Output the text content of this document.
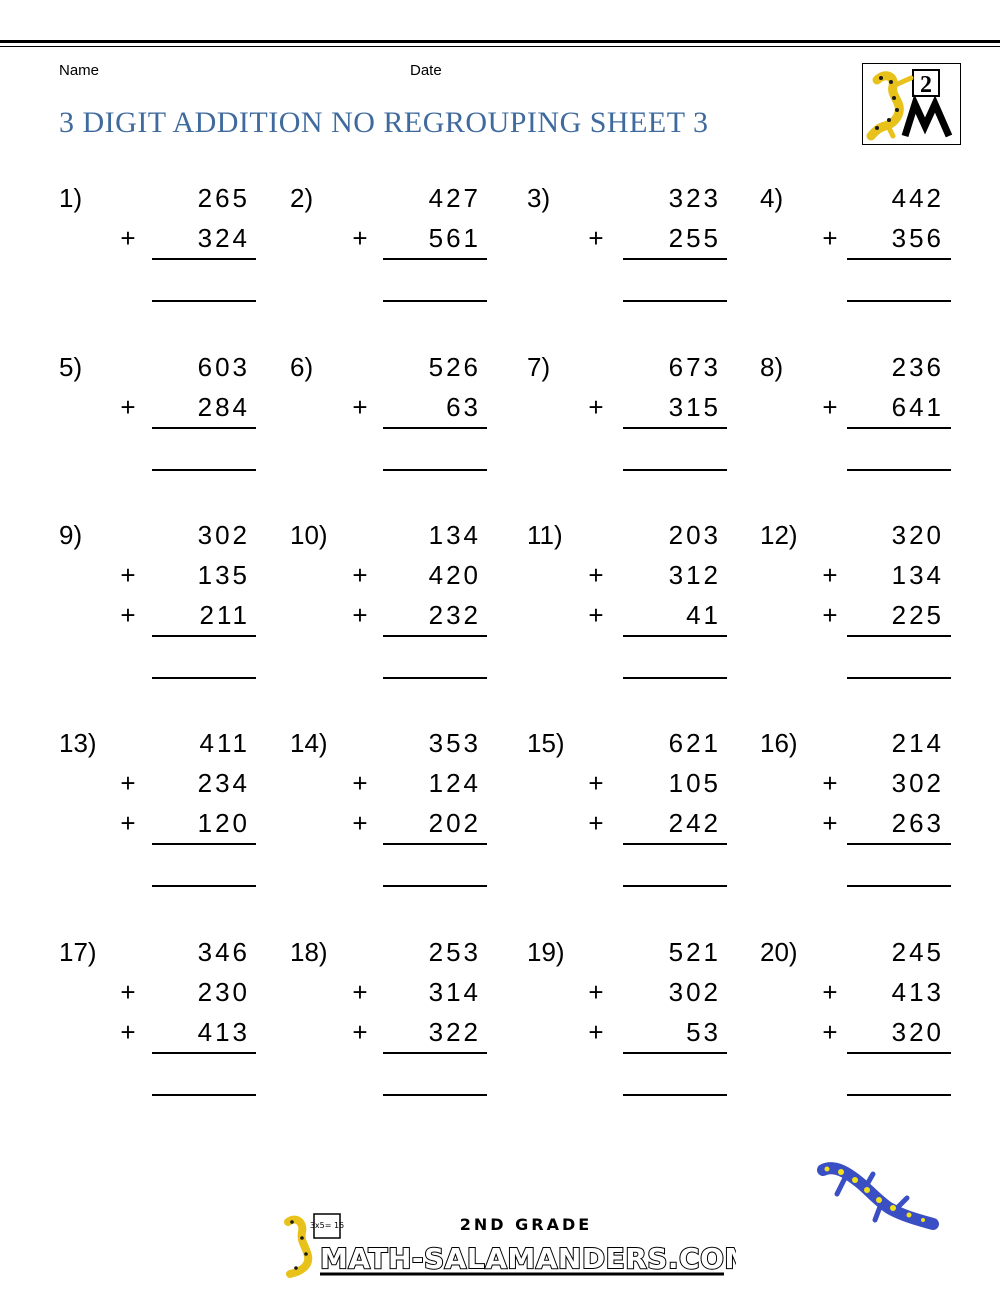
Name	Date
3 DIGIT ADDITION NO REGROUPING SHEET 3
2
1)	265
+	324
2)	427
+	561
3)	323
+	255
4)	442
+	356
5)	603
+	284
6)	526
+	63
7)	673
+	315
8)	236
+	641
9)	302
+	135
+	211
10)	134
+	420
+	232
11)	203
+	312
+	41
12)	320
+	134
+	225
13)	411
+	234
+	120
14)	353
+	124
+	202
15)	621
+	105
+	242
16)	214
+	302
+	263
17)	346
+	230
+	413
18)	253
+	314
+	322
19)	521
+	302
+	53
20)	245
+	413
+	320
3x5= 15	2ND GRADE
MATH-SALAMANDERS.COM
